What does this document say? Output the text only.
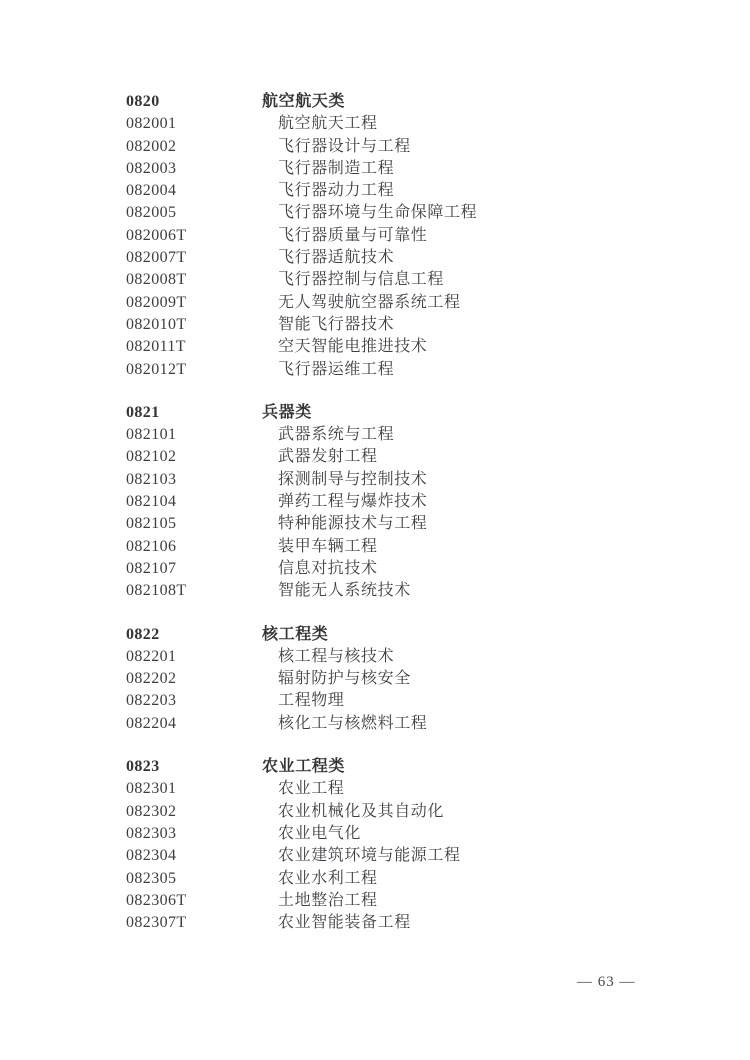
0820	航空航天类
082001	航空航天工程
082002	飞行器设计与工程
082003	飞行器制造工程
082004	飞行器动力工程
082005	飞行器环境与生命保障工程
082006T	飞行器质量与可靠性
082007T	飞行器适航技术
082008T	飞行器控制与信息工程
082009T	无人驾驶航空器系统工程
082010T	智能飞行器技术
082011T	空天智能电推进技术
082012T	飞行器运维工程
0821	兵器类
082101	武器系统与工程
082102	武器发射工程
082103	探测制导与控制技术
082104	弹药工程与爆炸技术
082105	特种能源技术与工程
082106	装甲车辆工程
082107	信息对抗技术
082108T	智能无人系统技术
0822	核工程类
082201	核工程与核技术
082202	辐射防护与核安全
082203	工程物理
082204	核化工与核燃料工程
0823	农业工程类
082301	农业工程
082302	农业机械化及其自动化
082303	农业电气化
082304	农业建筑环境与能源工程
082305	农业水利工程
082306T	土地整治工程
082307T	农业智能装备工程
— 63 —
